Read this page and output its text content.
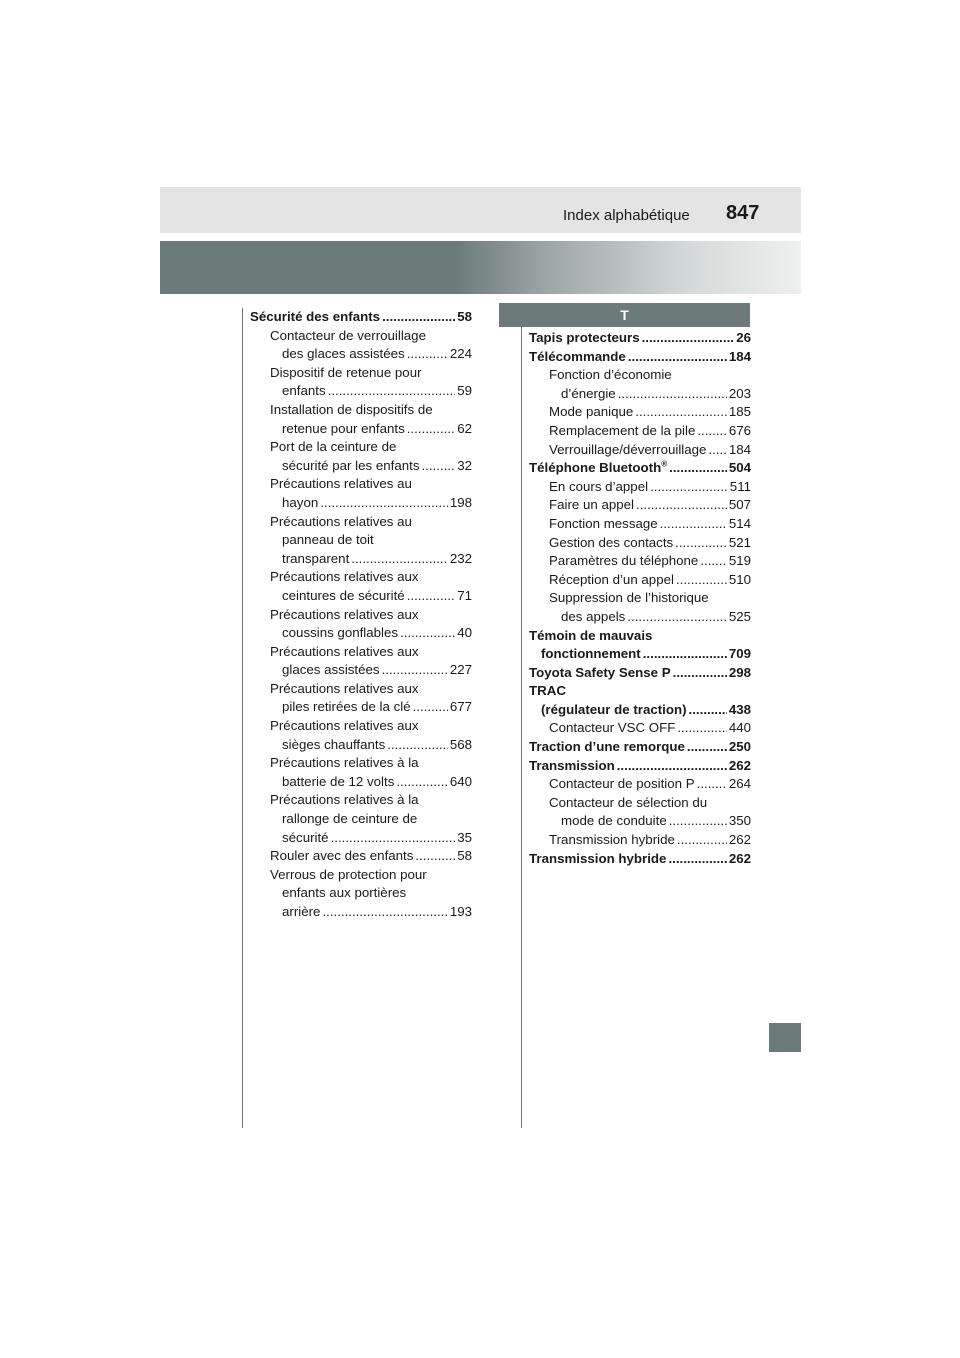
Index alphabétique 847
Sécurité des enfants .....	58
Contacteur de verrouillage
des glaces assistées .....	224
Dispositif de retenue pour
enfants .....	59
Installation de dispositifs de
retenue pour enfants .....	62
Port de la ceinture de
sécurité par les enfants .....	32
Précautions relatives au
hayon .....	198
Précautions relatives au
panneau de toit
transparent .....	232
Précautions relatives aux
ceintures de sécurité .....	71
Précautions relatives aux
coussins gonflables .....	40
Précautions relatives aux
glaces assistées .....	227
Précautions relatives aux
piles retirées de la clé .....	677
Précautions relatives aux
sièges chauffants .....	568
Précautions relatives à la
batterie de 12 volts .....	640
Précautions relatives à la
rallonge de ceinture de
sécurité .....	35
Rouler avec des enfants .....	58
Verrous de protection pour
enfants aux portières
arrière .....	193
T
Tapis protecteurs .....	26
Télécommande .....	184
Fonction d’économie
d’énergie .....	203
Mode panique .....	185
Remplacement de la pile .....	676
Verrouillage/déverrouillage ..... 184
Téléphone Bluetooth® .....	504
En cours d’appel .....	511
Faire un appel .....	507
Fonction message .....	514
Gestion des contacts .....	521
Paramètres du téléphone ..... 519
Réception d’un appel .....	510
Suppression de l’historique
des appels .....	525
Témoin de mauvais
fonctionnement .....	709
Toyota Safety Sense P .....	298
TRAC
(régulateur de traction) .....	438
Contacteur VSC OFF .....	440
Traction d’une remorque .....	250
Transmission .....	262
Contacteur de position P .....	264
Contacteur de sélection du
mode de conduite .....	350
Transmission hybride .....	262
Transmission hybride .....	262
